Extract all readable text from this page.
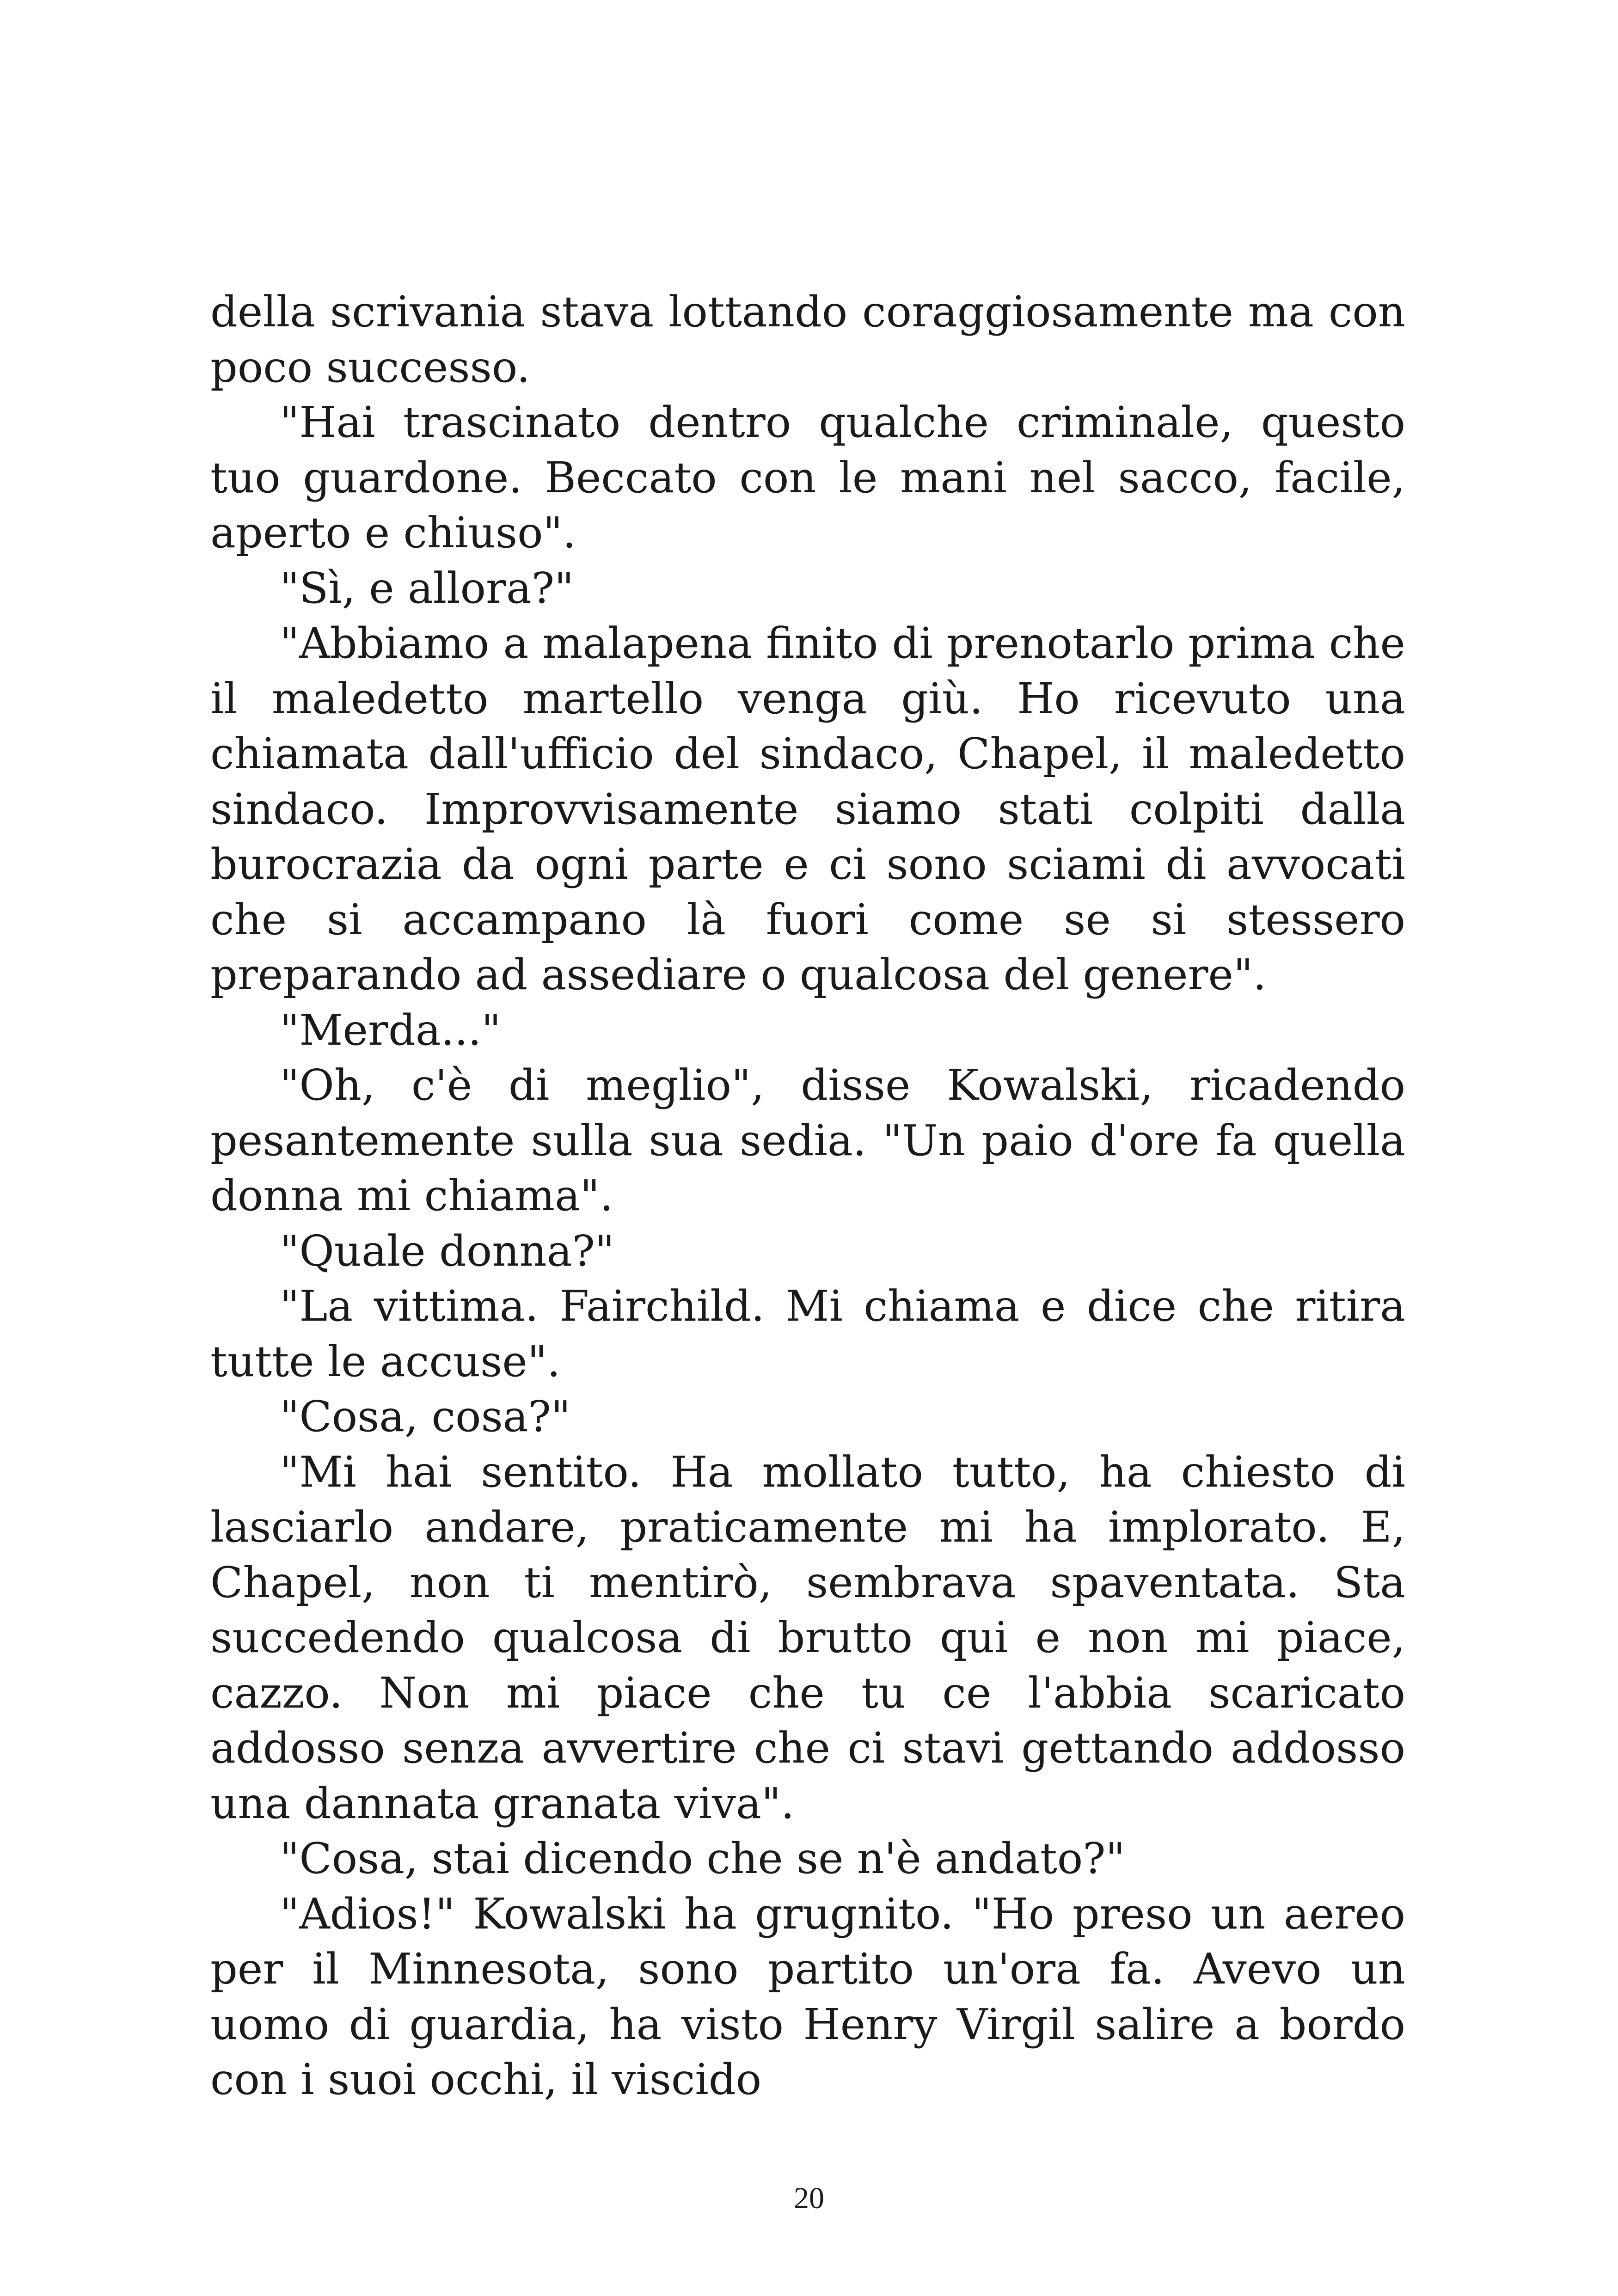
della scrivania stava lottando coraggiosamente ma con poco successo.

"Hai trascinato dentro qualche criminale, questo tuo guardone. Beccato con le mani nel sacco, facile, aperto e chiuso".

"Sì, e allora?"

"Abbiamo a malapena finito di prenotarlo prima che il maledetto martello venga giù. Ho ricevuto una chiamata dall'ufficio del sindaco, Chapel, il maledetto sindaco. Improvvisamente siamo stati colpiti dalla burocrazia da ogni parte e ci sono sciami di avvocati che si accampano là fuori come se si stessero preparando ad assediare o qualcosa del genere".

"Merda..."

"Oh, c'è di meglio", disse Kowalski, ricadendo pesantemente sulla sua sedia. "Un paio d'ore fa quella donna mi chiama".

"Quale donna?"

"La vittima. Fairchild. Mi chiama e dice che ritira tutte le accuse".

"Cosa, cosa?"

"Mi hai sentito. Ha mollato tutto, ha chiesto di lasciarlo andare, praticamente mi ha implorato. E, Chapel, non ti mentirò, sembrava spaventata. Sta succedendo qualcosa di brutto qui e non mi piace, cazzo. Non mi piace che tu ce l'abbia scaricato addosso senza avvertire che ci stavi gettando addosso una dannata granata viva".

"Cosa, stai dicendo che se n'è andato?"

"Adios!" Kowalski ha grugnito. "Ho preso un aereo per il Minnesota, sono partito un'ora fa. Avevo un uomo di guardia, ha visto Henry Virgil salire a bordo con i suoi occhi, il viscido

20
